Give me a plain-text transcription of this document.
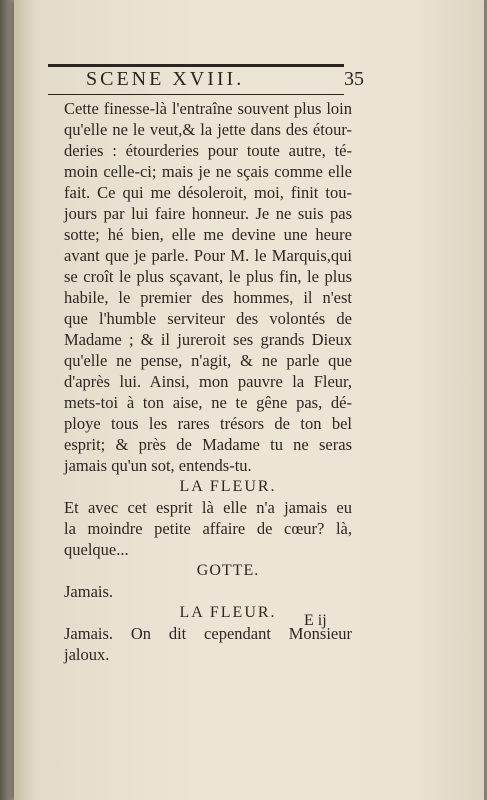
SCENE XVIII.	35
Cette finesse-là l'entraîne souvent plus loin
qu'elle ne le veut,& la jette dans des étour-
deries : étourderies pour toute autre, té-
moin celle-ci; mais je ne sçais comme elle
fait. Ce qui me désoleroit, moi, finit tou-
jours par lui faire honneur. Je ne suis pas
sotte; hé bien, elle me devine une heure
avant que je parle. Pour M. le Marquis,qui
se croît le plus sçavant, le plus fin, le plus
habile, le premier des hommes, il n'est
que l'humble serviteur des volontés de
Madame ; & il jureroit ses grands Dieux
qu'elle ne pense, n'agit, & ne parle que
d'après lui. Ainsi, mon pauvre la Fleur,
mets-toi à ton aise, ne te gêne pas, dé-
ploye tous les rares trésors de ton bel
esprit; & près de Madame tu ne seras
jamais qu'un sot, entends-tu.
LA FLEUR.
Et avec cet esprit là elle n'a jamais eu
la moindre petite affaire de cœur? là,
quelque...
GOTTE.
Jamais.
LA FLEUR.
Jamais. On dit cependant Monsieur
jaloux.
E ij
